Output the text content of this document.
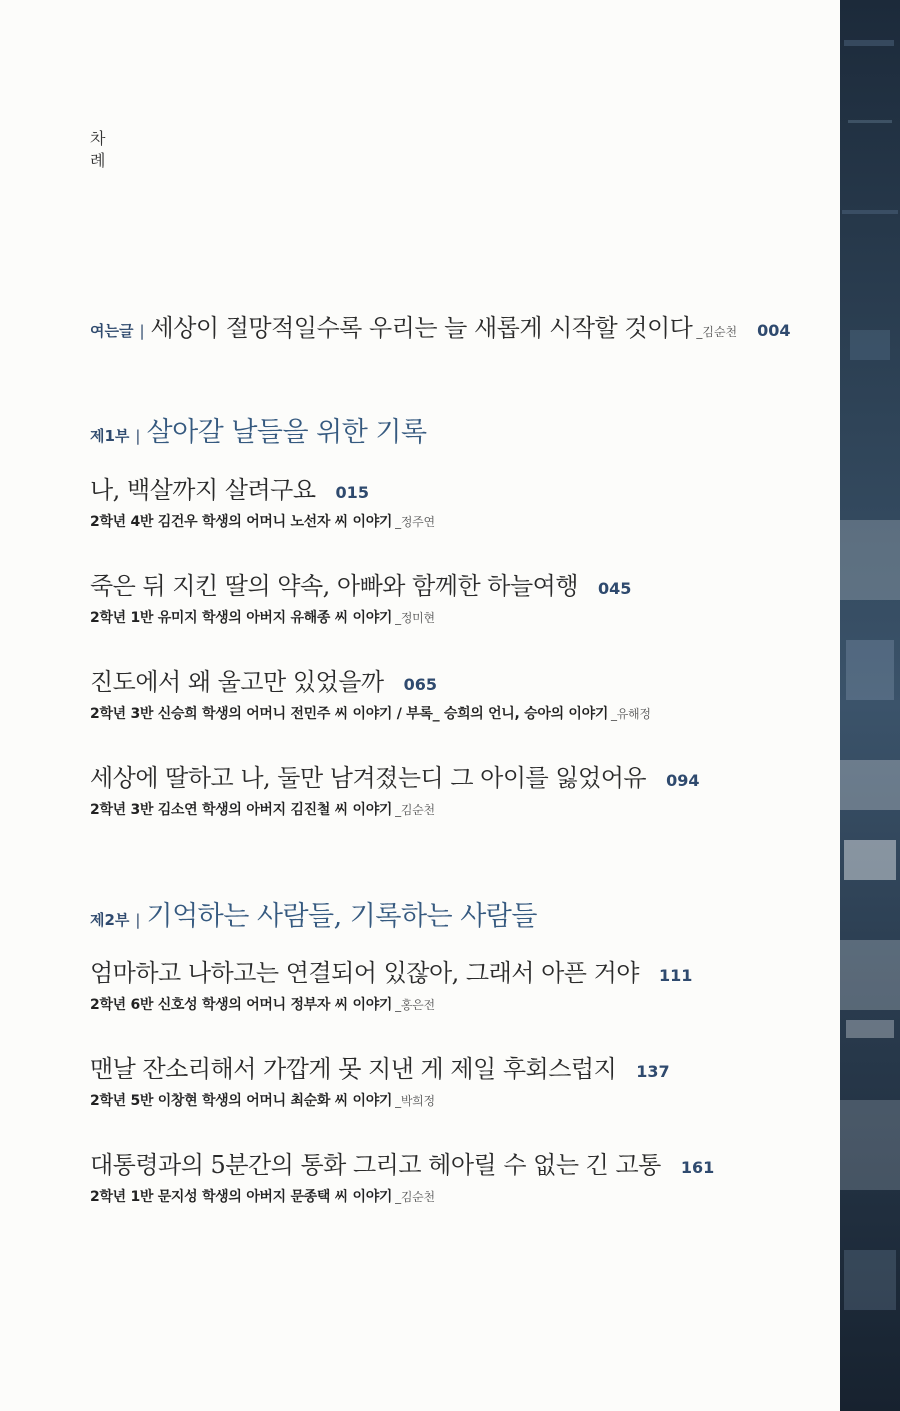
차
례
여는글 | 세상이 절망적일수록 우리는 늘 새롭게 시작할 것이다 _김순천 004
제1부 | 살아갈 날들을 위한 기록
나, 백살까지 살려구요 015
2학년 4반 김건우 학생의 어머니 노선자 씨 이야기 _정주연
죽은 뒤 지킨 딸의 약속, 아빠와 함께한 하늘여행 045
2학년 1반 유미지 학생의 아버지 유해종 씨 이야기 _정미현
진도에서 왜 울고만 있었을까 065
2학년 3반 신승희 학생의 어머니 전민주 씨 이야기 / 부록_ 승희의 언니, 승아의 이야기 _유해정
세상에 딸하고 나, 둘만 남겨졌는디 그 아이를 잃었어유 094
2학년 3반 김소연 학생의 아버지 김진철 씨 이야기 _김순천
제2부 | 기억하는 사람들, 기록하는 사람들
엄마하고 나하고는 연결되어 있잖아, 그래서 아픈 거야 111
2학년 6반 신호성 학생의 어머니 정부자 씨 이야기 _홍은전
맨날 잔소리해서 가깝게 못 지낸 게 제일 후회스럽지 137
2학년 5반 이창현 학생의 어머니 최순화 씨 이야기 _박희정
대통령과의 5분간의 통화 그리고 헤아릴 수 없는 긴 고통 161
2학년 1반 문지성 학생의 아버지 문종택 씨 이야기 _김순천
